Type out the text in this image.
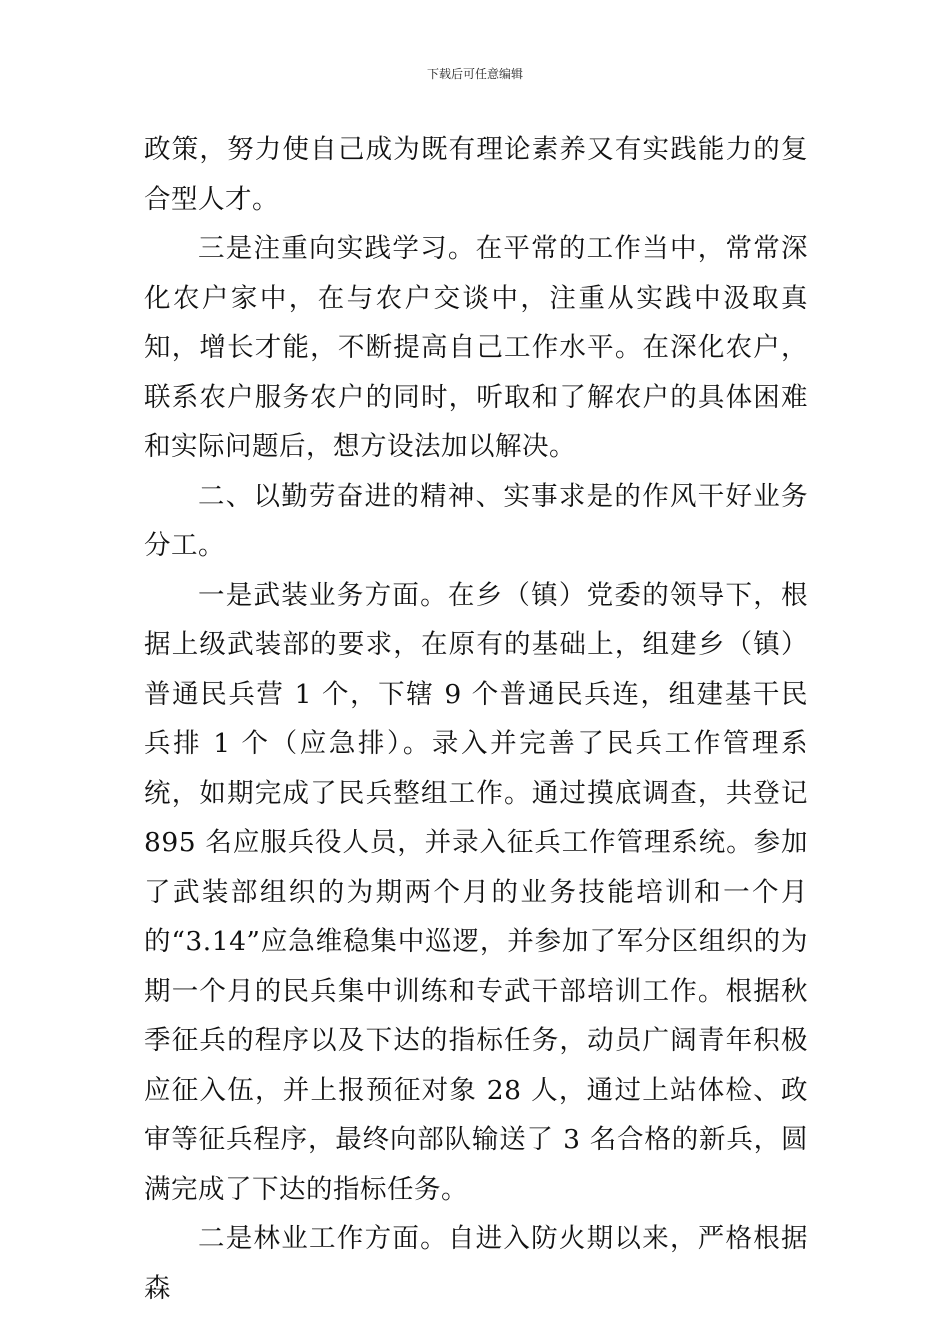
下载后可任意编辑

政策，努力使自己成为既有理论素养又有实践能力的复合型人才。

三是注重向实践学习。在平常的工作当中，常常深化农户家中，在与农户交谈中，注重从实践中汲取真知，增长才能，不断提高自己工作水平。在深化农户，联系农户服务农户的同时，听取和了解农户的具体困难和实际问题后，想方设法加以解决。

二、以勤劳奋进的精神、实事求是的作风干好业务分工。

一是武装业务方面。在乡（镇）党委的领导下，根据上级武装部的要求，在原有的基础上，组建乡（镇）普通民兵营 1 个，下辖 9 个普通民兵连，组建基干民兵排 1 个（应急排）。录入并完善了民兵工作管理系统，如期完成了民兵整组工作。通过摸底调查，共登记 895 名应服兵役人员，并录入征兵工作管理系统。参加了武装部组织的为期两个月的业务技能培训和一个月的“3.14”应急维稳集中巡逻，并参加了军分区组织的为期一个月的民兵集中训练和专武干部培训工作。根据秋季征兵的程序以及下达的指标任务，动员广阔青年积极应征入伍，并上报预征对象 28 人，通过上站体检、政审等征兵程序，最终向部队输送了 3 名合格的新兵，圆满完成了下达的指标任务。

二是林业工作方面。自进入防火期以来，严格根据森
